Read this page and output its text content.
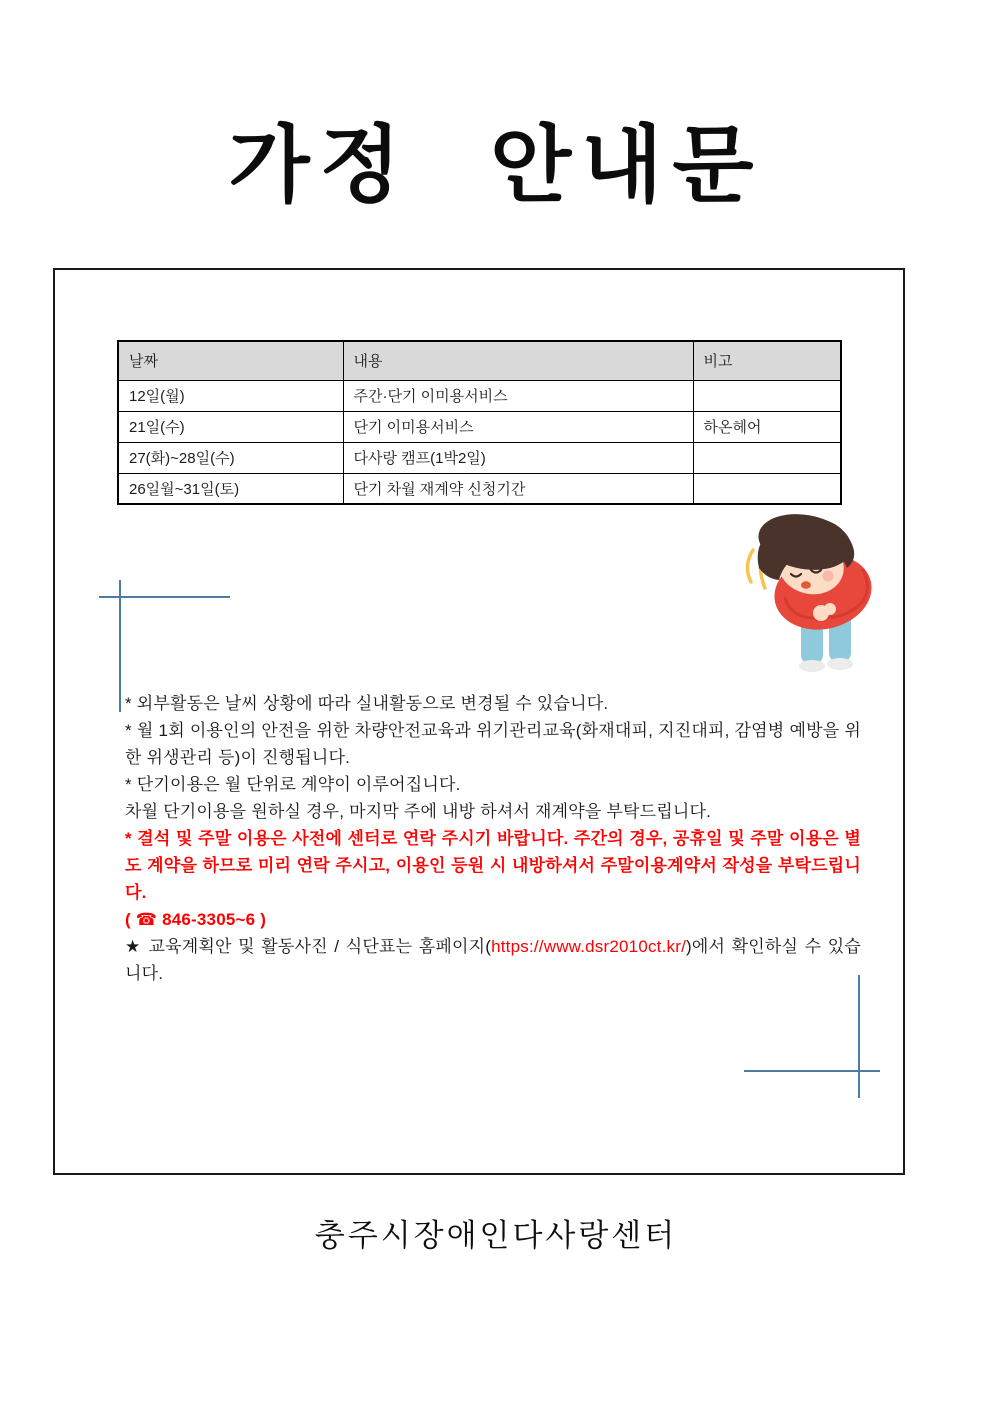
가정 안내문
날짜	내용	비고
12일(월)	주간·단기 이미용서비스	
21일(수)	단기 이미용서비스	하온헤어
27(화)~28일(수)	다사랑 캠프(1박2일)	
26일월~31일(토)	단기 차월 재계약 신청기간	

* 외부활동은 날씨 상황에 따라 실내활동으로 변경될 수 있습니다.

* 월 1회 이용인의 안전을 위한 차량안전교육과 위기관리교육(화재대피, 지진대피, 감염병 예방을 위한 위생관리 등)이 진행됩니다.

* 단기이용은 월 단위로 계약이 이루어집니다.

차월 단기이용을 원하실 경우, 마지막 주에 내방 하셔서 재계약을 부탁드립니다.

* 결석 및 주말 이용은 사전에 센터로 연락 주시기 바랍니다. 주간의 경우, 공휴일 및 주말 이용은 별도 계약을 하므로 미리 연락 주시고, 이용인 등원 시 내방하셔서 주말이용계약서 작성을 부탁드립니다.

( ☎ 846-3305~6 )

★ 교육계획안 및 활동사진 / 식단표는 홈페이지(https://www.dsr2010ct.kr/)에서 확인하실 수 있습니다.

충주시장애인다사랑센터
